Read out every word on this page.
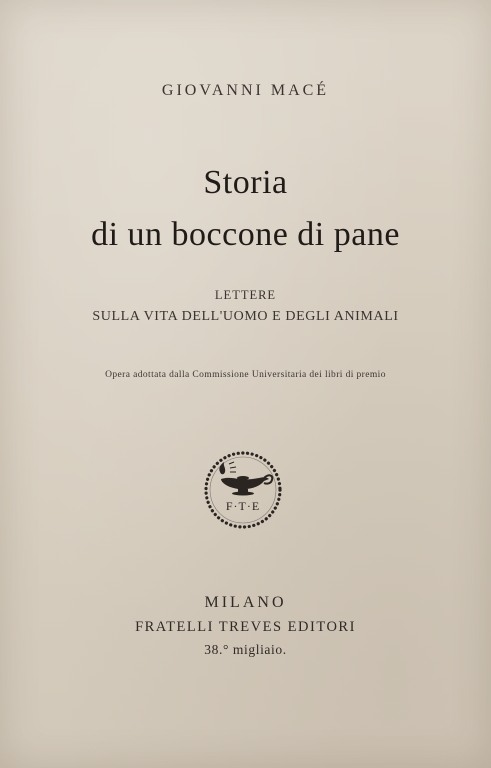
GIOVANNI MACÉ
Storia
di un boccone di pane
LETTERE
SULLA VITA DELL'UOMO E DEGLI ANIMALI
Opera adottata dalla Commissione Universitaria dei libri di premio
F·T·E
MILANO
FRATELLI TREVES EDITORI
38.° migliaio.
